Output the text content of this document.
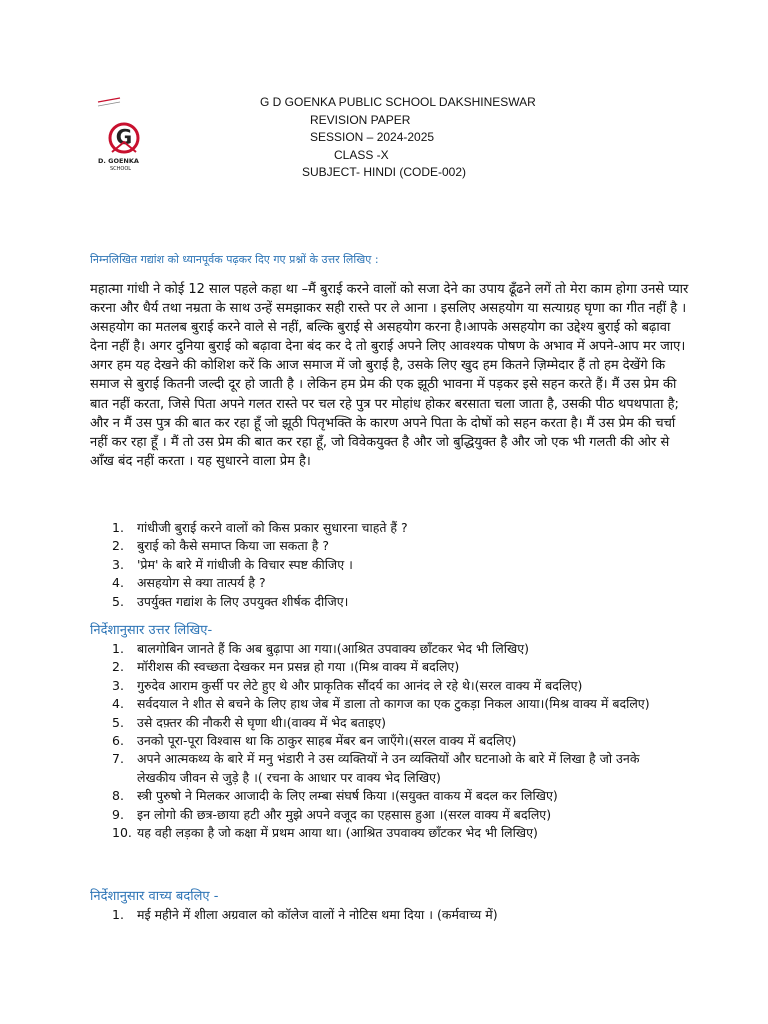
G
D. GOENKA
SCHOOL
G D GOENKA PUBLIC SCHOOL DAKSHINESWAR
REVISION PAPER
SESSION – 2024-2025
CLASS -X
SUBJECT- HINDI (CODE-002)
निम्नलिखित गद्यांश को ध्यानपूर्वक पढ़कर दिए गए प्रश्नों के उत्तर लिखिए :

महात्मा गांधी ने कोई 12 साल पहले कहा था –मैं बुराई करने वालों को सजा देने का उपाय ढूँढने लगें तो मेरा काम होगा उनसे प्यार करना और धैर्य तथा नम्रता के साथ उन्हें समझाकर सही रास्ते पर ले आना । इसलिए असहयोग या सत्याग्रह घृणा का गीत नहीं है । असहयोग का मतलब बुराई करने वाले से नहीं, बल्कि बुराई से असहयोग करना है।आपके असहयोग का उद्देश्य बुराई को बढ़ावा देना नहीं है। अगर दुनिया बुराई को बढ़ावा देना बंद कर दे तो बुराई अपने लिए आवश्यक पोषण के अभाव में अपने-आप मर जाए। अगर हम यह देखने की कोशिश करें कि आज समाज में जो बुराई है, उसके लिए खुद हम कितने ज़िम्मेदार हैं तो हम देखेंगे कि समाज से बुराई कितनी जल्दी दूर हो जाती है । लेकिन हम प्रेम की एक झूठी भावना में पड़कर इसे सहन करते हैं। मैं उस प्रेम की बात नहीं करता, जिसे पिता अपने गलत रास्ते पर चल रहे पुत्र पर मोहांध होकर बरसाता चला जाता है, उसकी पीठ थपथपाता है; और न मैं उस पुत्र की बात कर रहा हूँ जो झूठी पितृभक्ति के कारण अपने पिता के दोषों को सहन करता है। मैं उस प्रेम की चर्चा नहीं कर रहा हूँ । मैं तो उस प्रेम की बात कर रहा हूँ, जो विवेकयुक्त है और जो बुद्धियुक्त है और जो एक भी गलती की ओर से आँख बंद नहीं करता । यह सुधारने वाला प्रेम है।

1.	गांधीजी बुराई करने वालों को किस प्रकार सुधारना चाहते हैं ?
2.	बुराई को कैसे समाप्त किया जा सकता है ?
3.	'प्रेम' के बारे में गांधीजी के विचार स्पष्ट कीजिए ।
4.	असहयोग से क्या तात्पर्य है ?
5.	उपर्युक्त गद्यांश के लिए उपयुक्त शीर्षक दीजिए।
निर्देशानुसार उत्तर लिखिए-
1.	बालगोबिन जानते हैं कि अब बुढ़ापा आ गया।(आश्रित उपवाक्य छाँटकर भेद भी लिखिए)
2.	मॉरीशस की स्वच्छता देखकर मन प्रसन्न हो गया ।(मिश्र वाक्य में बदलिए)
3.	गुरुदेव आराम कुर्सी पर लेटे हुए थे और प्राकृतिक सौंदर्य का आनंद ले रहे थे।(सरल वाक्य में बदलिए)
4.	सर्वदयाल ने शीत से बचने के लिए हाथ जेब में डाला तो कागज का एक टुकड़ा निकल आया।(मिश्र वाक्य में बदलिए)
5.	उसे दफ़्तर की नौकरी से घृणा थी।(वाक्य में भेद बताइए)
6.	उनको पूरा-पूरा विश्वास था कि ठाकुर साहब मेंबर बन जाएँगे।(सरल वाक्य में बदलिए)
7.	अपने आत्मकथ्य के बारे में मनु भंडारी ने उस व्यक्तियों ने उन व्यक्तियों और घटनाओ के बारे में लिखा है जो उनके लेखकीय जीवन से जुड़े है ।( रचना के आधार पर वाक्य भेद लिखिए)
8.	स्त्री पुरुषो ने मिलकर आजादी के लिए लम्बा संघर्ष किया ।(सयुक्त वाकय में बदल कर लिखिए)
9.	इन लोगो की छत्र-छाया हटी और मुझे अपने वजूद का एहसास हुआ ।(सरल वाक्य में बदलिए)
10. यह वही लड़का है जो कक्षा में प्रथम आया था। (आश्रित उपवाक्य छाँटकर भेद भी लिखिए)
निर्देशानुसार वाच्य बदलिए -
1.	मई महीने में शीला अग्रवाल को कॉलेज वालों ने नोटिस थमा दिया । (कर्मवाच्य में)
